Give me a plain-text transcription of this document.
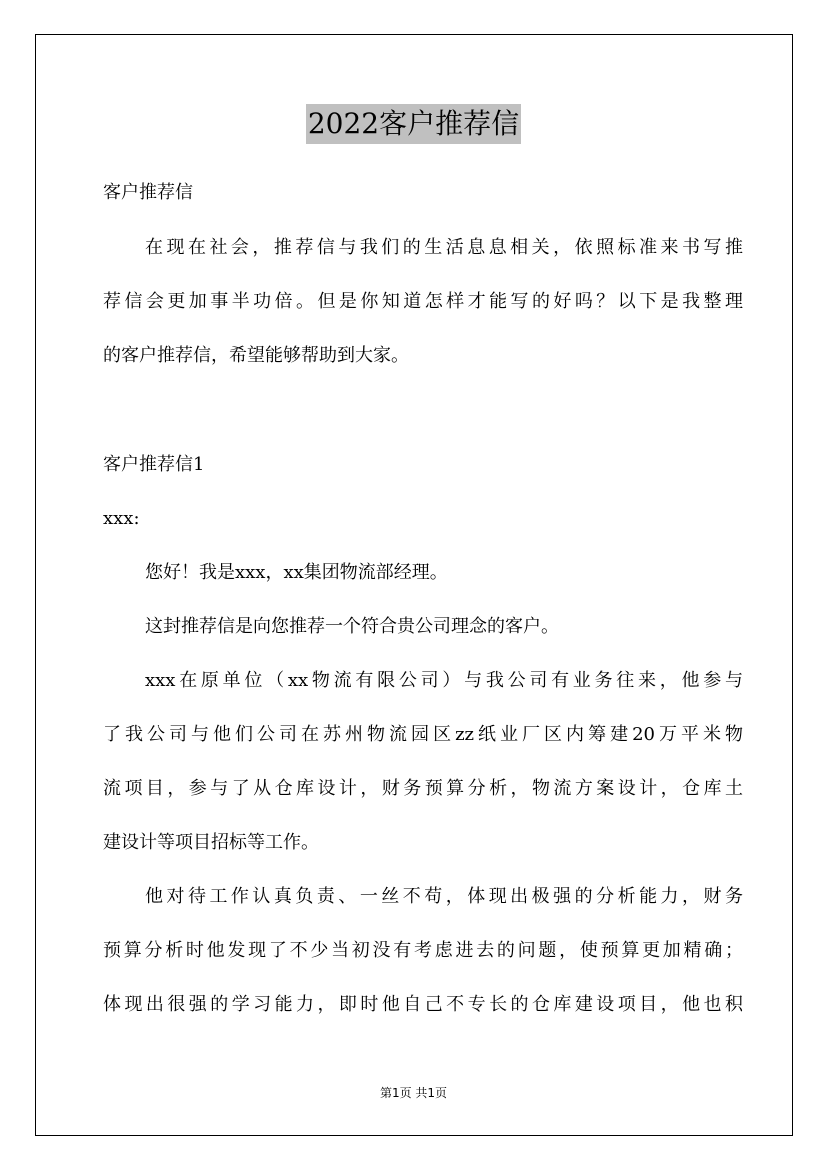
2022客户推荐信
客户推荐信
在现在社会，推荐信与我们的生活息息相关，依照标准来书写推
荐信会更加事半功倍。但是你知道怎样才能写的好吗？以下是我整理
的客户推荐信，希望能够帮助到大家。
客户推荐信1
xxx:
您好！我是xxx，xx集团物流部经理。
这封推荐信是向您推荐一个符合贵公司理念的客户。
xxx在原单位（xx物流有限公司）与我公司有业务往来，他参与
了我公司与他们公司在苏州物流园区zz纸业厂区内筹建20万平米物
流项目，参与了从仓库设计，财务预算分析，物流方案设计，仓库土
建设计等项目招标等工作。
他对待工作认真负责、一丝不苟，体现出极强的分析能力，财务
预算分析时他发现了不少当初没有考虑进去的问题，使预算更加精确；
体现出很强的学习能力，即时他自己不专长的仓库建设项目，他也积
第1页 共1页
